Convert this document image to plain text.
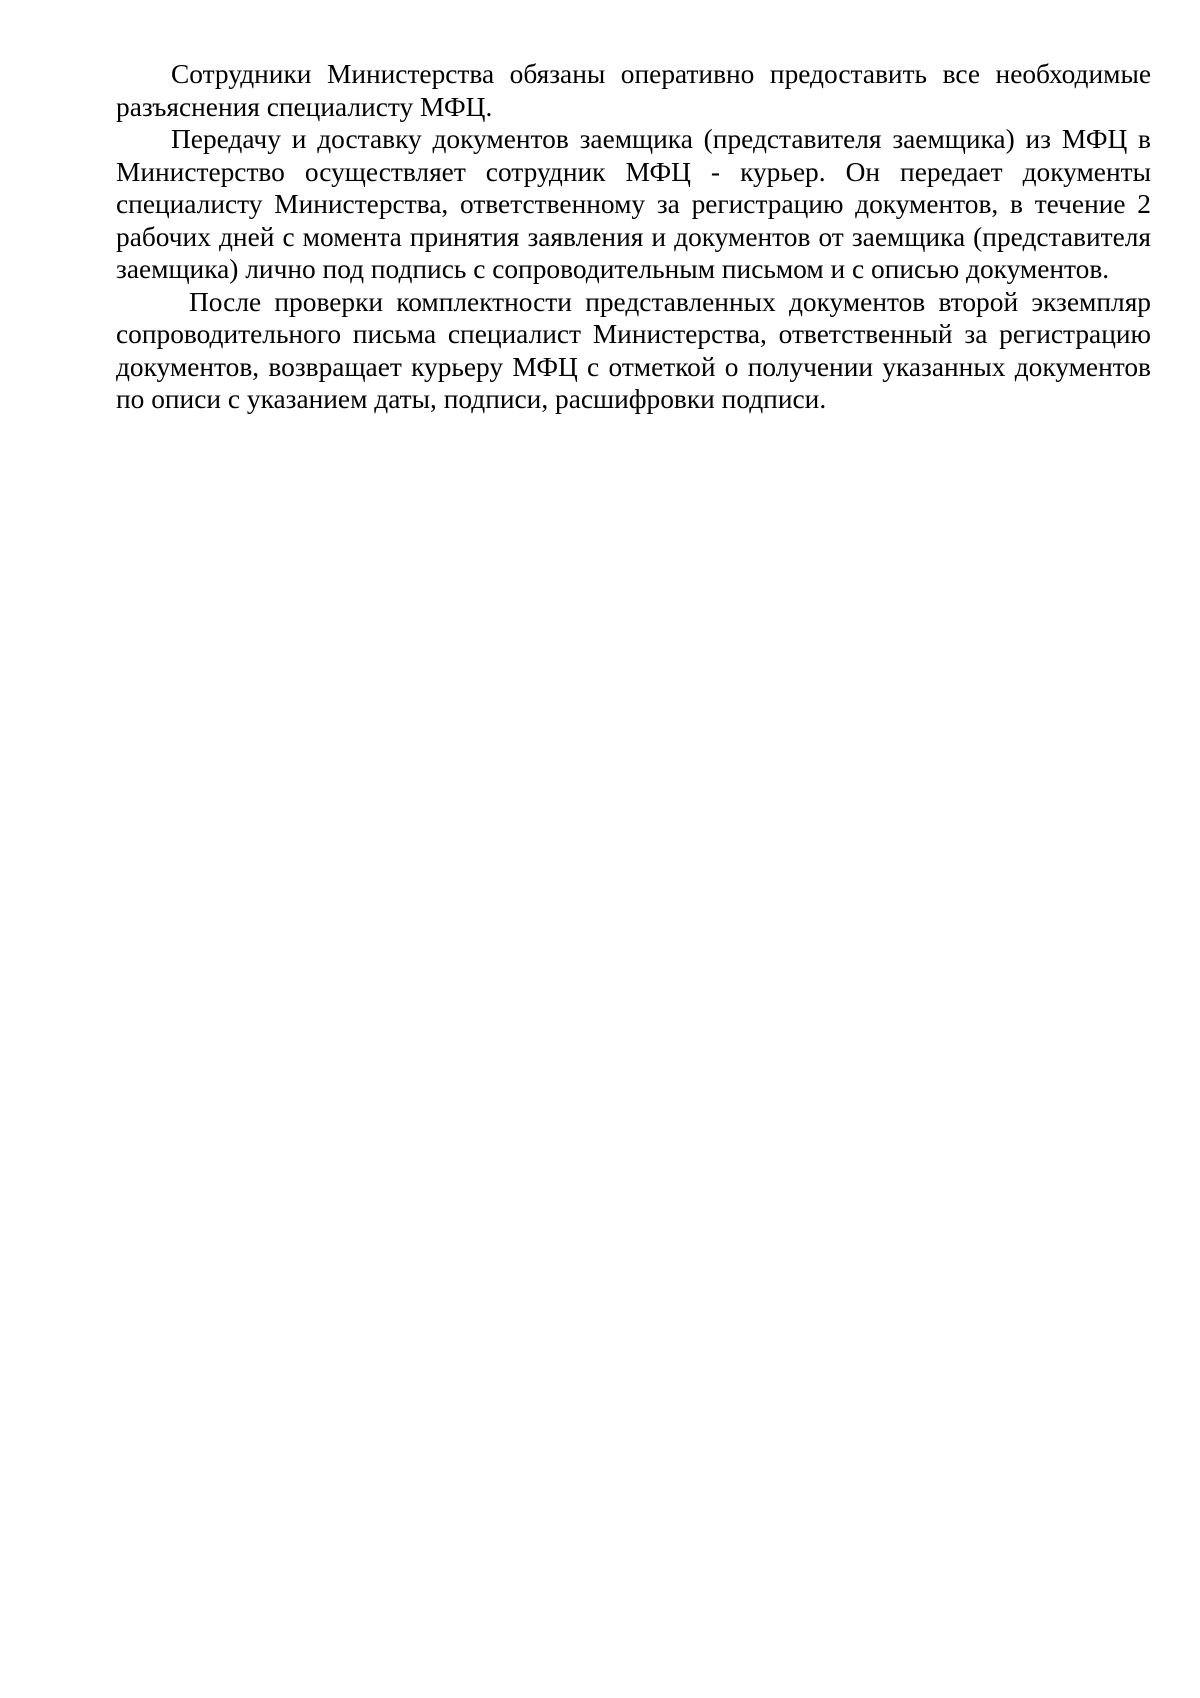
Сотрудники Министерства обязаны оперативно предоставить все необходимые разъяснения специалисту МФЦ.

Передачу и доставку документов заемщика (представителя заемщика) из МФЦ в Министерство осуществляет сотрудник МФЦ - курьер. Он передает документы специалисту Министерства, ответственному за регистрацию документов, в течение 2 рабочих дней с момента принятия заявления и документов от заемщика (представителя заемщика) лично под подпись с сопроводительным письмом и с описью документов.

После проверки комплектности представленных документов второй экземпляр сопроводительного письма специалист Министерства, ответственный за регистрацию документов, возвращает курьеру МФЦ с отметкой о получении указанных документов по описи с указанием даты, подписи, расшифровки подписи.
